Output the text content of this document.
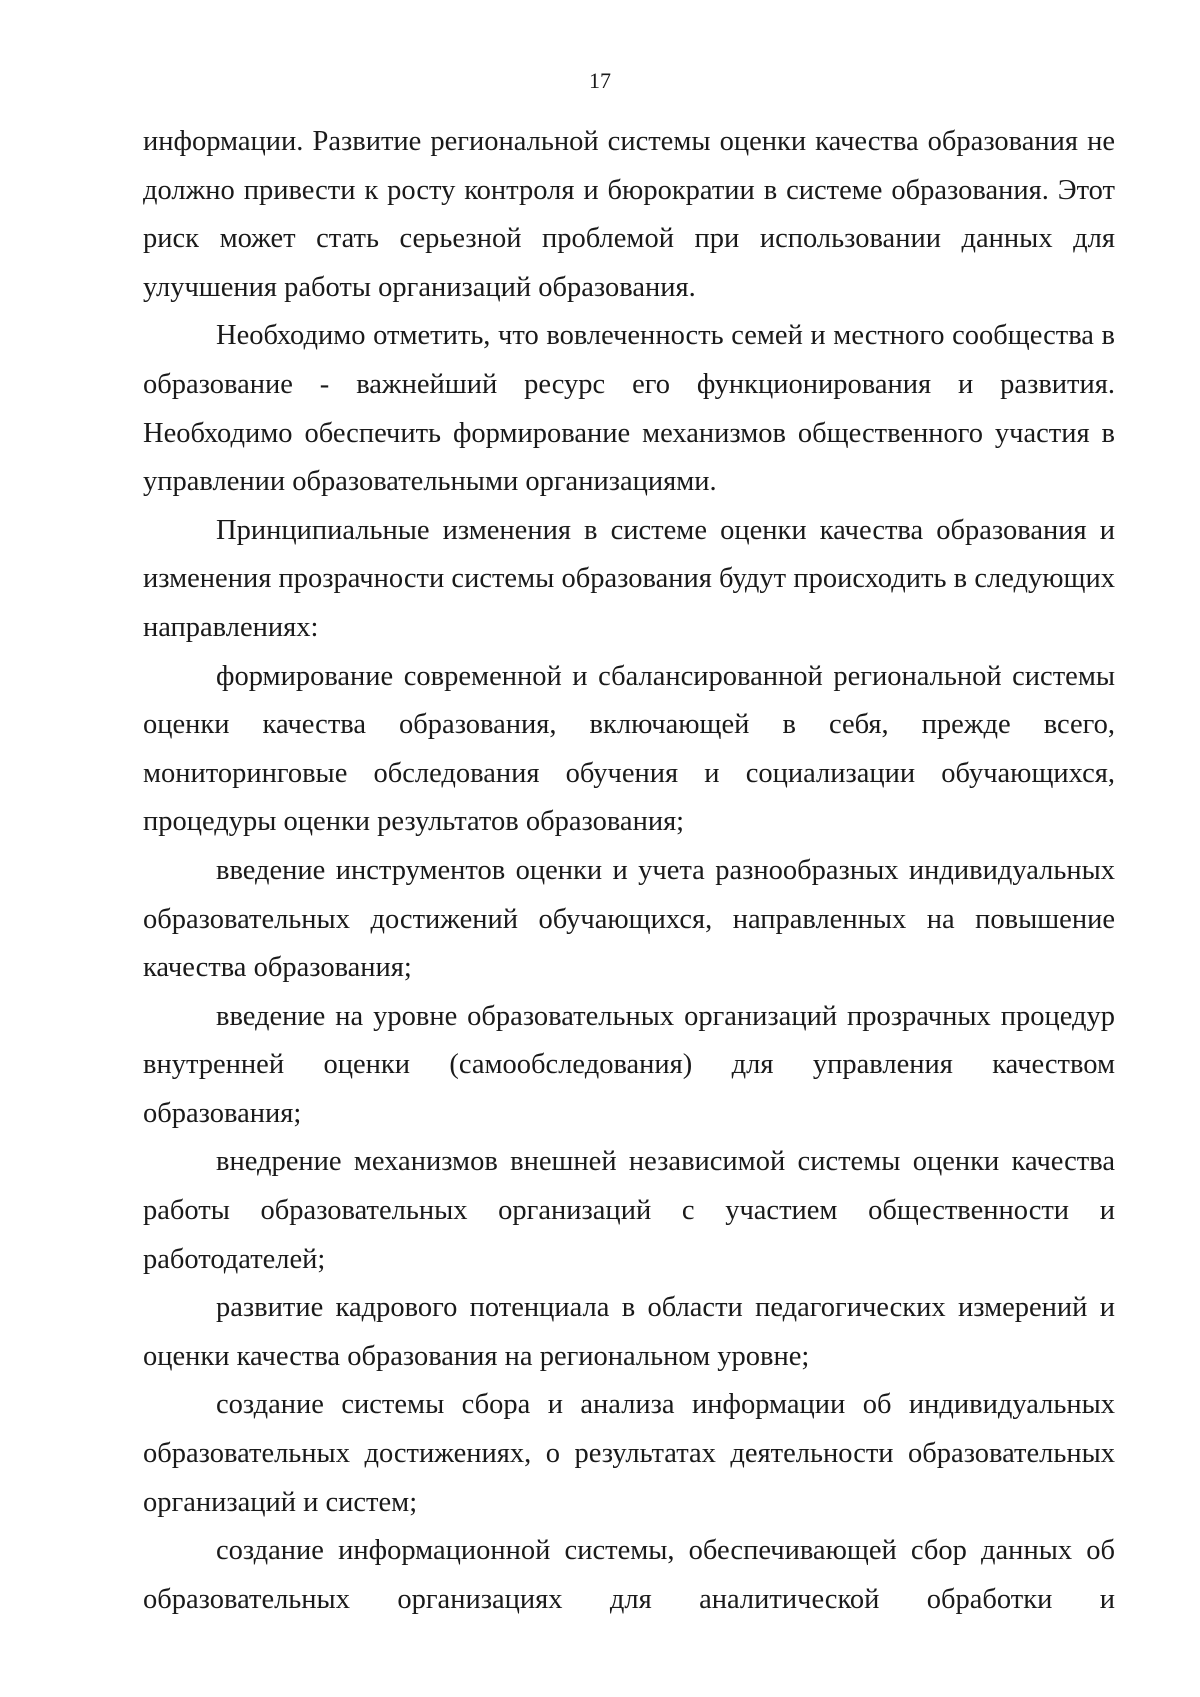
17

информации. Развитие региональной системы оценки качества образования не должно привести к росту контроля и бюрократии в системе образования. Этот риск может стать серьезной проблемой при использовании данных для улучшения работы организаций образования.

Необходимо отметить, что вовлеченность семей и местного сообщества в образование - важнейший ресурс его функционирования и развития. Необходимо обеспечить формирование механизмов общественного участия в управлении образовательными организациями.

Принципиальные изменения в системе оценки качества образования и изменения прозрачности системы образования будут происходить в следующих направлениях:

формирование современной и сбалансированной региональной системы оценки качества образования, включающей в себя, прежде всего, мониторинговые обследования обучения и социализации обучающихся, процедуры оценки результатов образования;

введение инструментов оценки и учета разнообразных индивидуальных образовательных достижений обучающихся, направленных на повышение качества образования;

введение на уровне образовательных организаций прозрачных процедур внутренней оценки (самообследования) для управления качеством образования;

внедрение механизмов внешней независимой системы оценки качества работы образовательных организаций с участием общественности и работодателей;

развитие кадрового потенциала в области педагогических измерений и оценки качества образования на региональном уровне;

создание системы сбора и анализа информации об индивидуальных образовательных достижениях, о результатах деятельности образовательных организаций и систем;

создание информационной системы, обеспечивающей сбор данных об образовательных организациях для аналитической обработки и
